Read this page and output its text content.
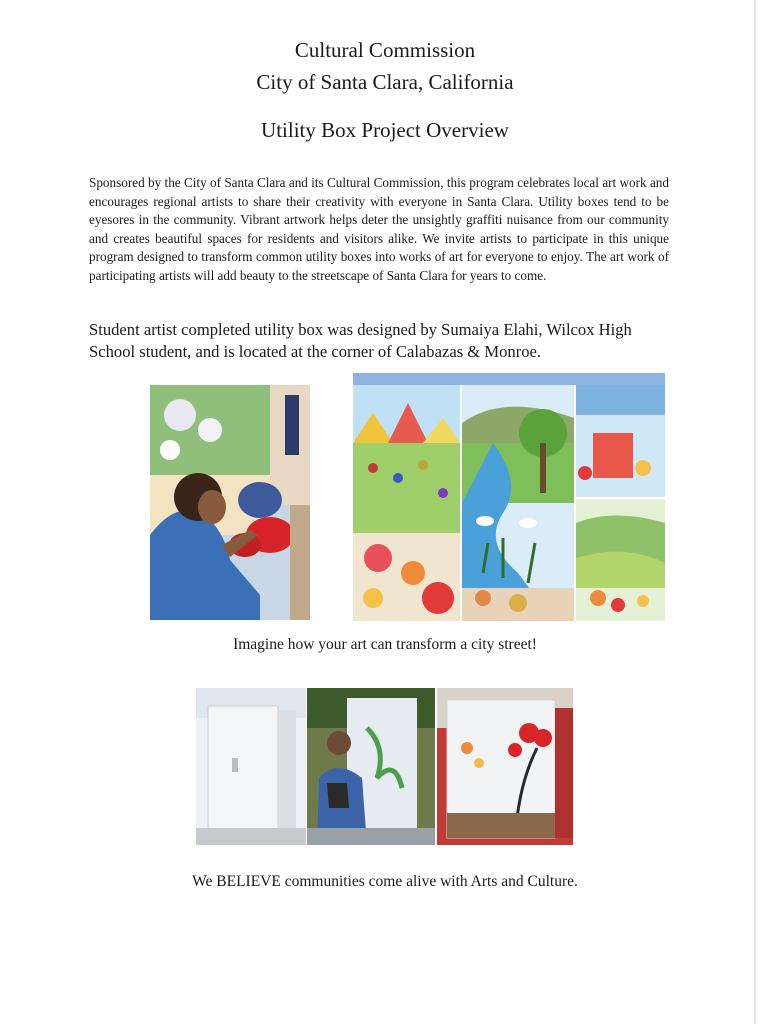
Cultural Commission
City of Santa Clara, California
Utility Box Project Overview
Sponsored by the City of Santa Clara and its Cultural Commission, this program celebrates local art work and encourages regional artists to share their creativity with everyone in Santa Clara. Utility boxes tend to be eyesores in the community. Vibrant artwork helps deter the unsightly graffiti nuisance from our community and creates beautiful spaces for residents and visitors alike. We invite artists to participate in this unique program designed to transform common utility boxes into works of art for everyone to enjoy. The art work of participating artists will add beauty to the streetscape of Santa Clara for years to come.
Student artist completed utility box was designed by Sumaiya Elahi, Wilcox High School student, and is located at the corner of Calabazas & Monroe.
Imagine how your art can transform a city street!
We BELIEVE communities come alive with Arts and Culture.
